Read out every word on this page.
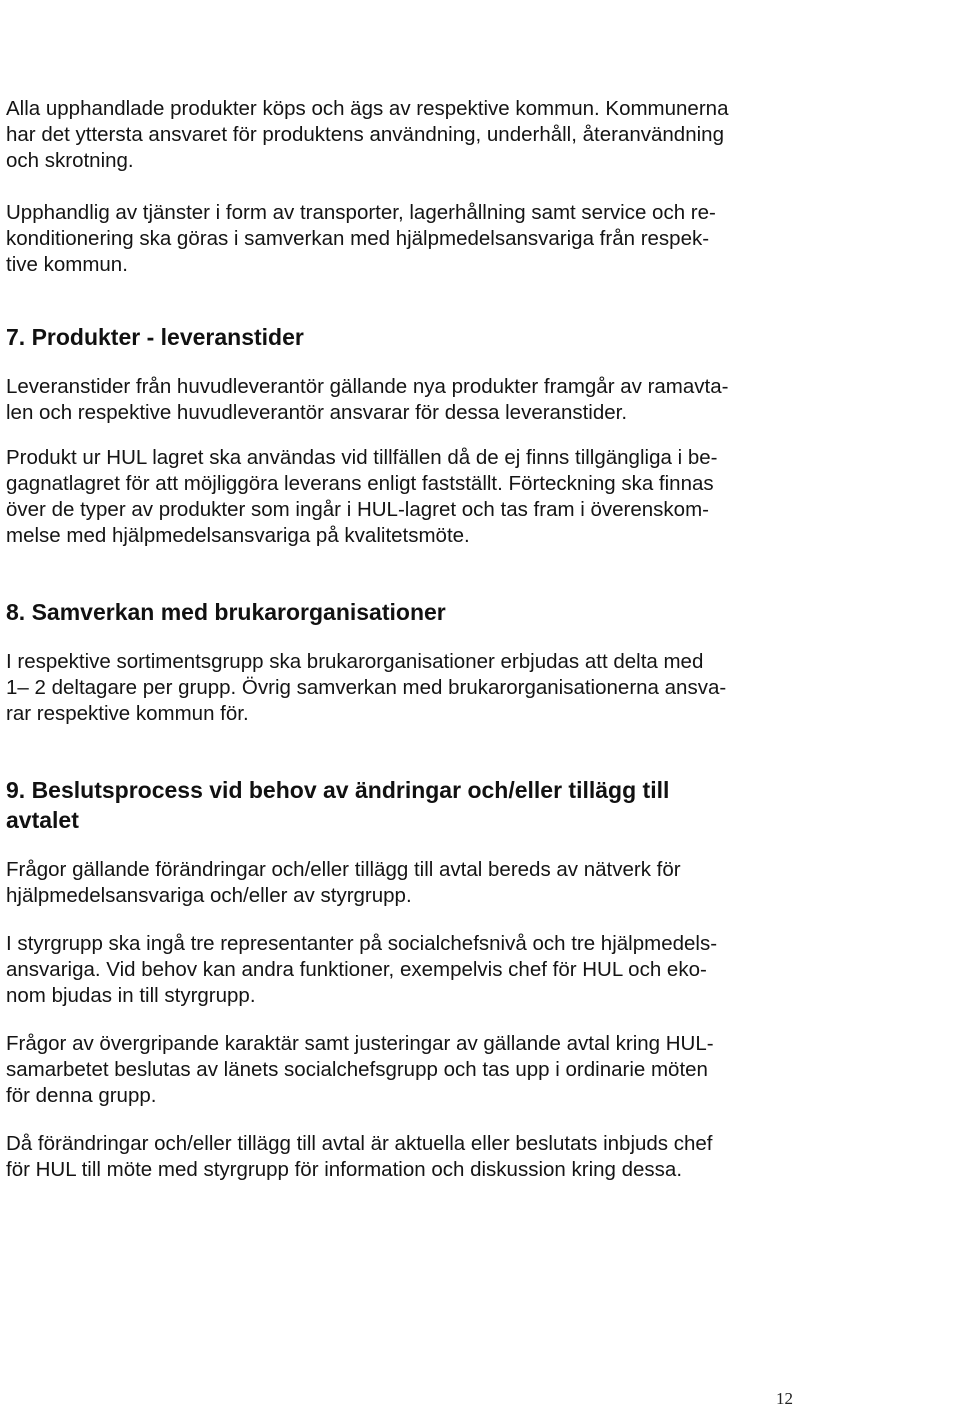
Alla upphandlade produkter köps och ägs av respektive kommun. Kommunerna
har det yttersta ansvaret för produktens användning, underhåll, återanvändning
och skrotning.

Upphandlig av tjänster i form av transporter, lagerhållning samt service och re-
konditionering ska göras i samverkan med hjälpmedelsansvariga från respek-
tive kommun.

7. Produkter - leveranstider

Leveranstider från huvudleverantör gällande nya produkter framgår av ramavta-
len och respektive huvudleverantör ansvarar för dessa leveranstider.

Produkt ur HUL lagret ska användas vid tillfällen då de ej finns tillgängliga i be-
gagnatlagret för att möjliggöra leverans enligt fastställt. Förteckning ska finnas
över de typer av produkter som ingår i HUL-lagret och tas fram i överenskom-
melse med hjälpmedelsansvariga på kvalitetsmöte.

8. Samverkan med brukarorganisationer

I respektive sortimentsgrupp ska brukarorganisationer erbjudas att delta med
1– 2 deltagare per grupp. Övrig samverkan med brukarorganisationerna ansva-
rar respektive kommun för.

9. Beslutsprocess vid behov av ändringar och/eller tillägg till
avtalet

Frågor gällande förändringar och/eller tillägg till avtal bereds av nätverk för
hjälpmedelsansvariga och/eller av styrgrupp.

I styrgrupp ska ingå tre representanter på socialchefsnivå och tre hjälpmedels-
ansvariga. Vid behov kan andra funktioner, exempelvis chef för HUL och eko-
nom bjudas in till styrgrupp.

Frågor av övergripande karaktär samt justeringar av gällande avtal kring HUL-
samarbetet beslutas av länets socialchefsgrupp och tas upp i ordinarie möten
för denna grupp.

Då förändringar och/eller tillägg till avtal är aktuella eller beslutats inbjuds chef
för HUL till möte med styrgrupp för information och diskussion kring dessa.

12
